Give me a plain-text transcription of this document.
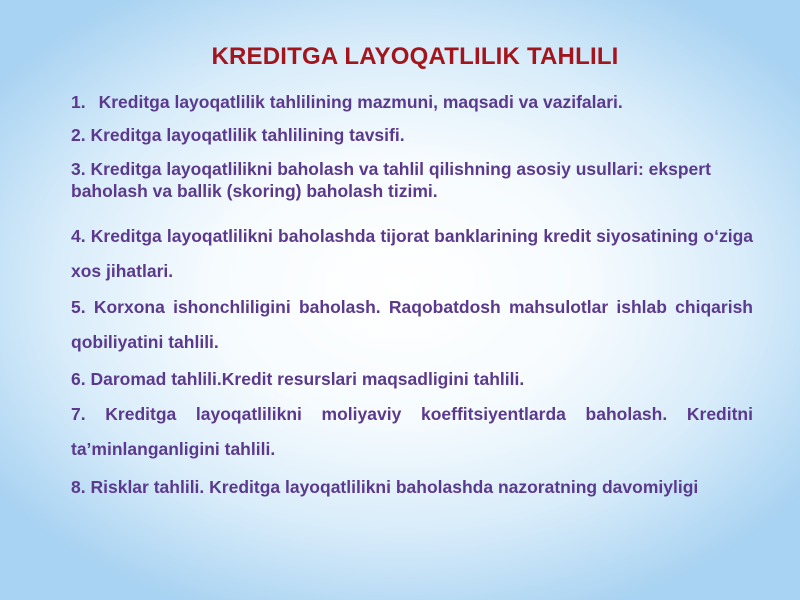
KREDITGA LAYOQATLILIK TAHLILI

1. Kreditga layoqatlilik tahlilining mazmuni, maqsadi va vazifalari.

2. Kreditga layoqatlilik tahlilining tavsifi.

3. Kreditga layoqatlilikni baholash va tahlil qilishning asosiy usullari: ekspert baholash va ballik (skoring) baholash tizimi.

4. Kreditga layoqatlilikni baholashda tijorat banklarining kredit siyosatining o‘ziga xos jihatlari.

5. Korxona ishonchliligini baholash. Raqobatdosh mahsulotlar ishlab chiqarish qobiliyatini tahlili.

6. Daromad tahlili.Kredit resurslari maqsadligini tahlili.

7. Kreditga layoqatlilikni moliyaviy koeffitsiyentlarda baholash. Kreditni ta’minlanganligini tahlili.

8. Risklar tahlili. Kreditga layoqatlilikni baholashda nazoratning davomiyligi
